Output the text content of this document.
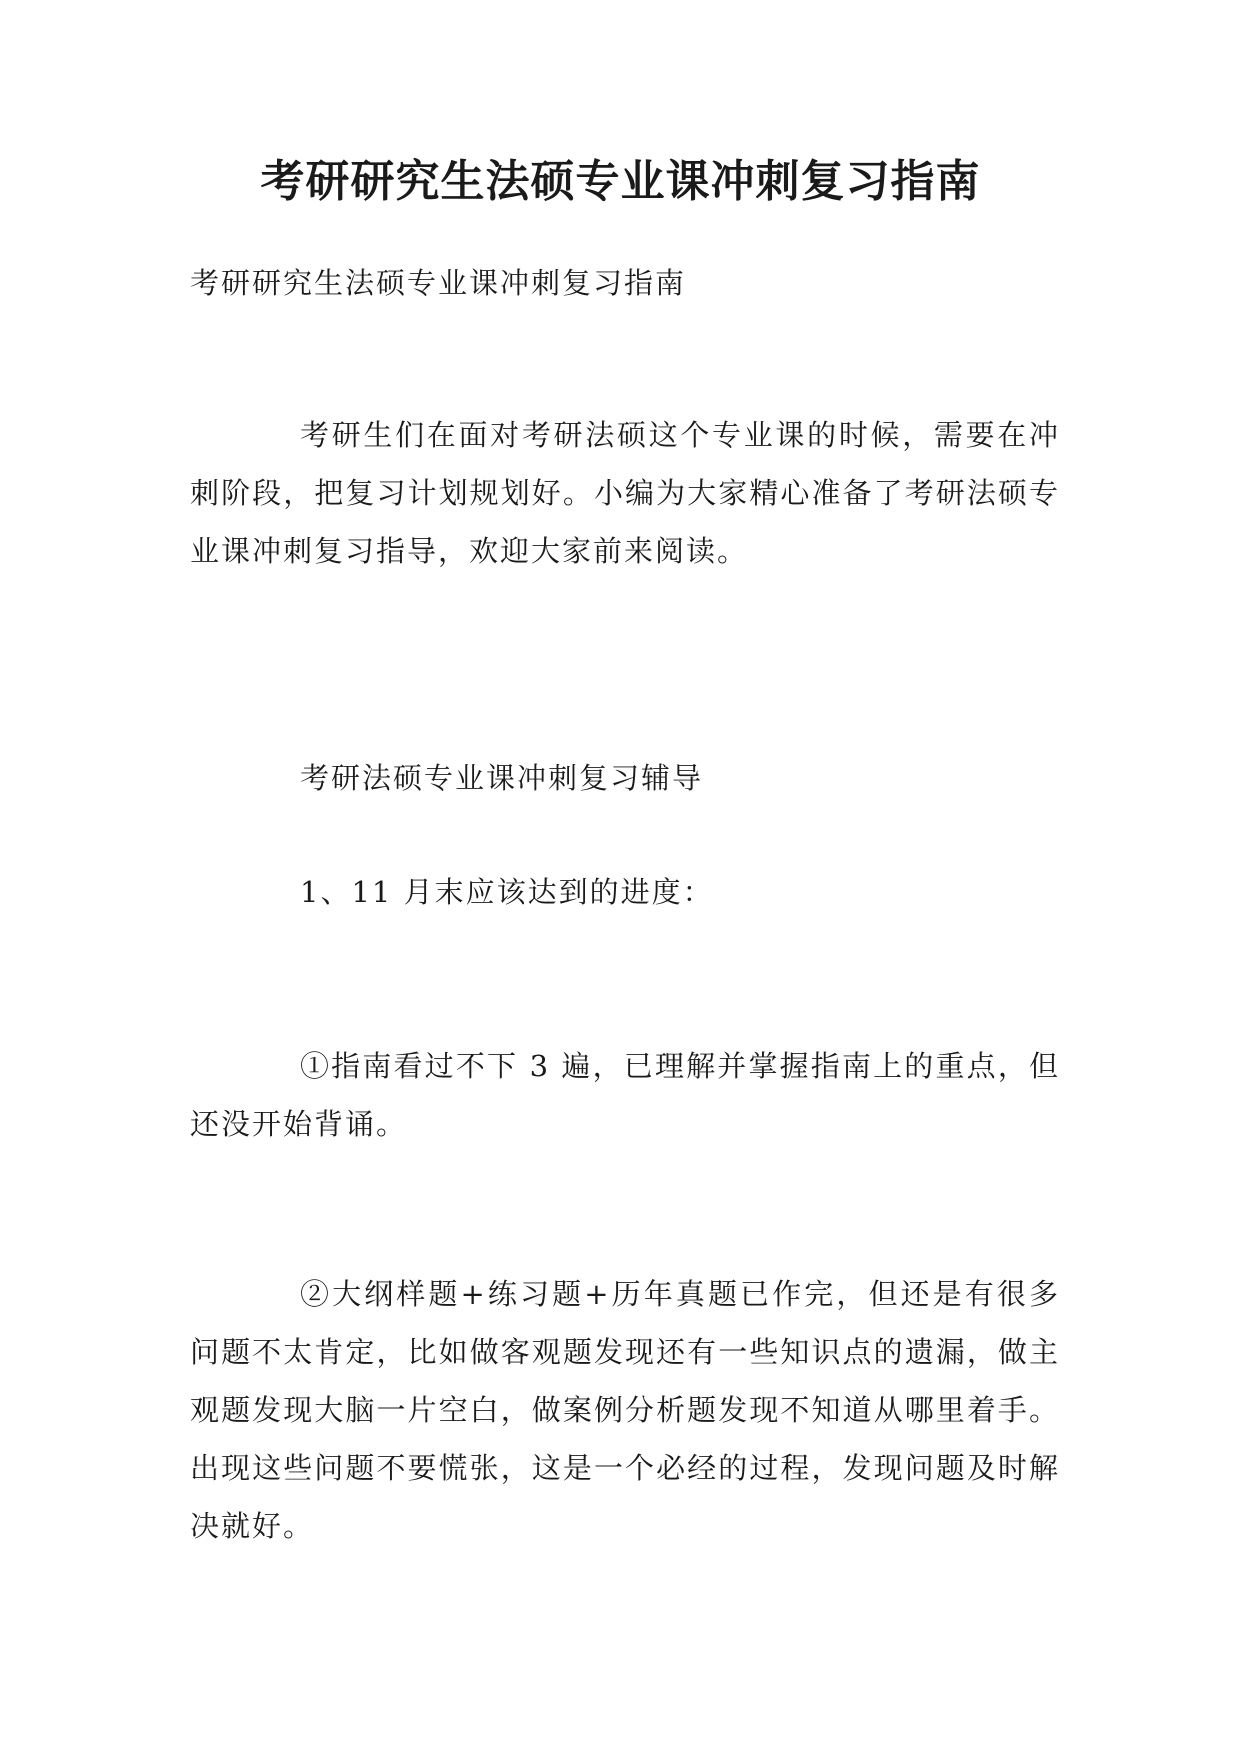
考研研究生法硕专业课冲刺复习指南

考研研究生法硕专业课冲刺复习指南

考研生们在面对考研法硕这个专业课的时候，需要在冲刺阶段，把复习计划规划好。小编为大家精心准备了考研法硕专业课冲刺复习指导，欢迎大家前来阅读。

考研法硕专业课冲刺复习辅导

1、11 月末应该达到的进度：

①指南看过不下 3 遍，已理解并掌握指南上的重点，但还没开始背诵。

②大纲样题+练习题+历年真题已作完，但还是有很多问题不太肯定，比如做客观题发现还有一些知识点的遗漏，做主观题发现大脑一片空白，做案例分析题发现不知道从哪里着手。出现这些问题不要慌张，这是一个必经的过程，发现问题及时解决就好。
